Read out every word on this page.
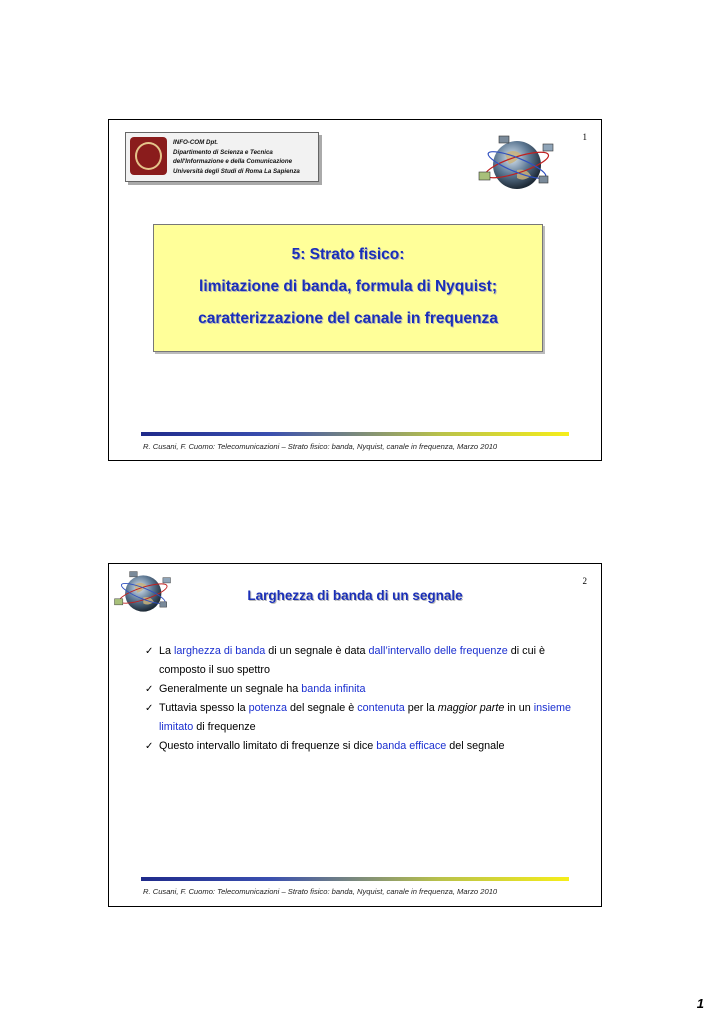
1
INFO-COM Dpt.
Dipartimento di Scienza e Tecnica
dell'Informazione e della Comunicazione
Università degli Studi di Roma La Sapienza
5: Strato fisico:
limitazione di banda, formula di Nyquist;
caratterizzazione del canale in frequenza
R. Cusani, F. Cuomo: Telecomunicazioni – Strato fisico: banda, Nyquist, canale in frequenza, Marzo 2010
2
Larghezza di banda di un segnale
✓ La larghezza di banda di un segnale è data dall’intervallo delle frequenze di cui è composto il suo spettro
✓ Generalmente un segnale ha banda infinita
✓ Tuttavia spesso la potenza del segnale è contenuta per la maggior parte in un insieme limitato di frequenze
✓ Questo intervallo limitato di frequenze si dice banda efficace del segnale
R. Cusani, F. Cuomo: Telecomunicazioni – Strato fisico: banda, Nyquist, canale in frequenza, Marzo 2010
1
